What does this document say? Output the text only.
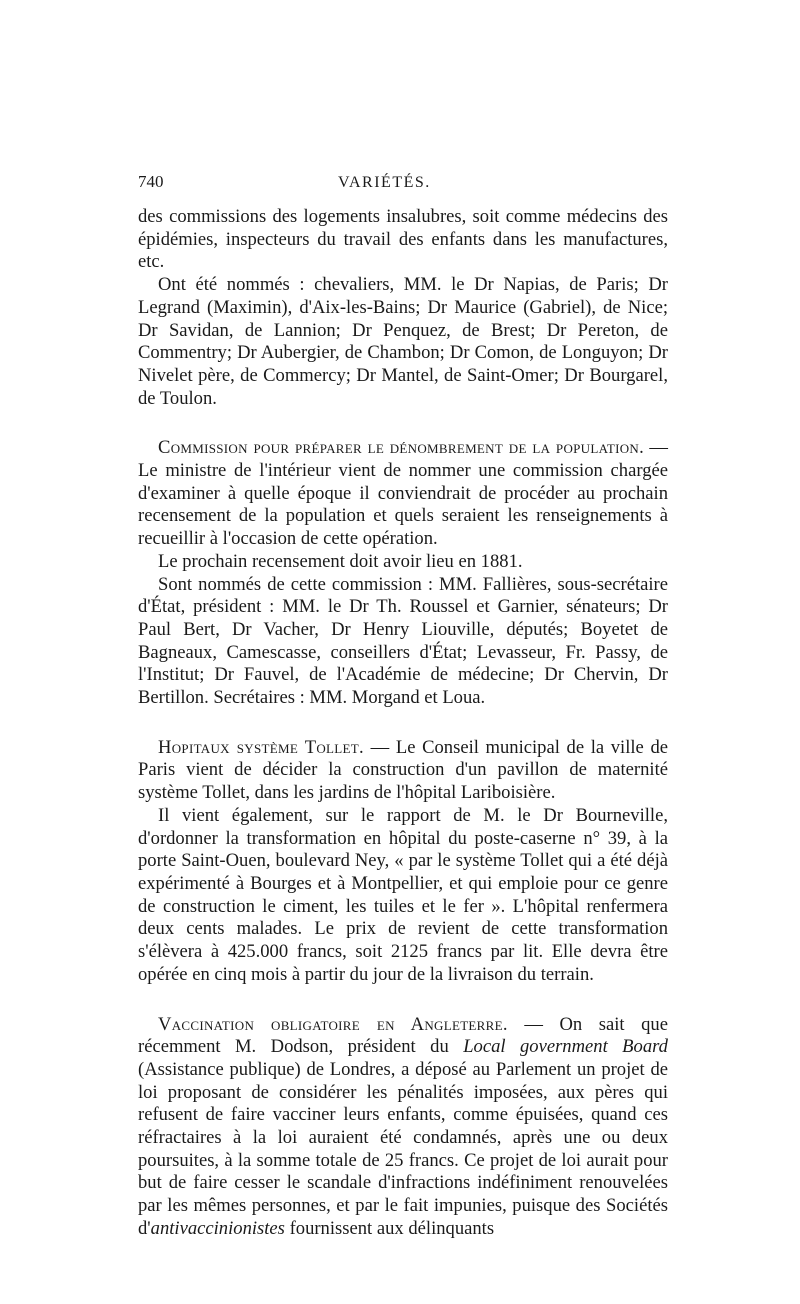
740	VARIÉTÉS.

des commissions des logements insalubres, soit comme médecins des épidémies, inspecteurs du travail des enfants dans les manufactures, etc.

Ont été nommés : chevaliers, MM. le Dr Napias, de Paris; Dr Legrand (Maximin), d'Aix-les-Bains; Dr Maurice (Gabriel), de Nice; Dr Savidan, de Lannion; Dr Penquez, de Brest; Dr Pereton, de Commentry; Dr Aubergier, de Chambon; Dr Comon, de Longuyon; Dr Nivelet père, de Commercy; Dr Mantel, de Saint-Omer; Dr Bourgarel, de Toulon.

Commission pour préparer le dénombrement de la population. — Le ministre de l'intérieur vient de nommer une commission chargée d'examiner à quelle époque il conviendrait de procéder au prochain recensement de la population et quels seraient les renseignements à recueillir à l'occasion de cette opération.

Le prochain recensement doit avoir lieu en 1881.

Sont nommés de cette commission : MM. Fallières, sous-secrétaire d'État, président : MM. le Dr Th. Roussel et Garnier, sénateurs; Dr Paul Bert, Dr Vacher, Dr Henry Liouville, députés; Boyetet de Bagneaux, Camescasse, conseillers d'État; Levasseur, Fr. Passy, de l'Institut; Dr Fauvel, de l'Académie de médecine; Dr Chervin, Dr Bertillon. Secrétaires : MM. Morgand et Loua.

Hopitaux système Tollet. — Le Conseil municipal de la ville de Paris vient de décider la construction d'un pavillon de maternité système Tollet, dans les jardins de l'hôpital Lariboisière.

Il vient également, sur le rapport de M. le Dr Bourneville, d'ordonner la transformation en hôpital du poste-caserne n° 39, à la porte Saint-Ouen, boulevard Ney, « par le système Tollet qui a été déjà expérimenté à Bourges et à Montpellier, et qui emploie pour ce genre de construction le ciment, les tuiles et le fer ». L'hôpital renfermera deux cents malades. Le prix de revient de cette transformation s'élèvera à 425.000 francs, soit 2125 francs par lit. Elle devra être opérée en cinq mois à partir du jour de la livraison du terrain.

Vaccination obligatoire en Angleterre. — On sait que récemment M. Dodson, président du Local government Board (Assistance publique) de Londres, a déposé au Parlement un projet de loi proposant de considérer les pénalités imposées, aux pères qui refusent de faire vacciner leurs enfants, comme épuisées, quand ces réfractaires à la loi auraient été condamnés, après une ou deux poursuites, à la somme totale de 25 francs. Ce projet de loi aurait pour but de faire cesser le scandale d'infractions indéfiniment renouvelées par les mêmes personnes, et par le fait impunies, puisque des Sociétés d'antivaccinionistes fournissent aux délinquants
